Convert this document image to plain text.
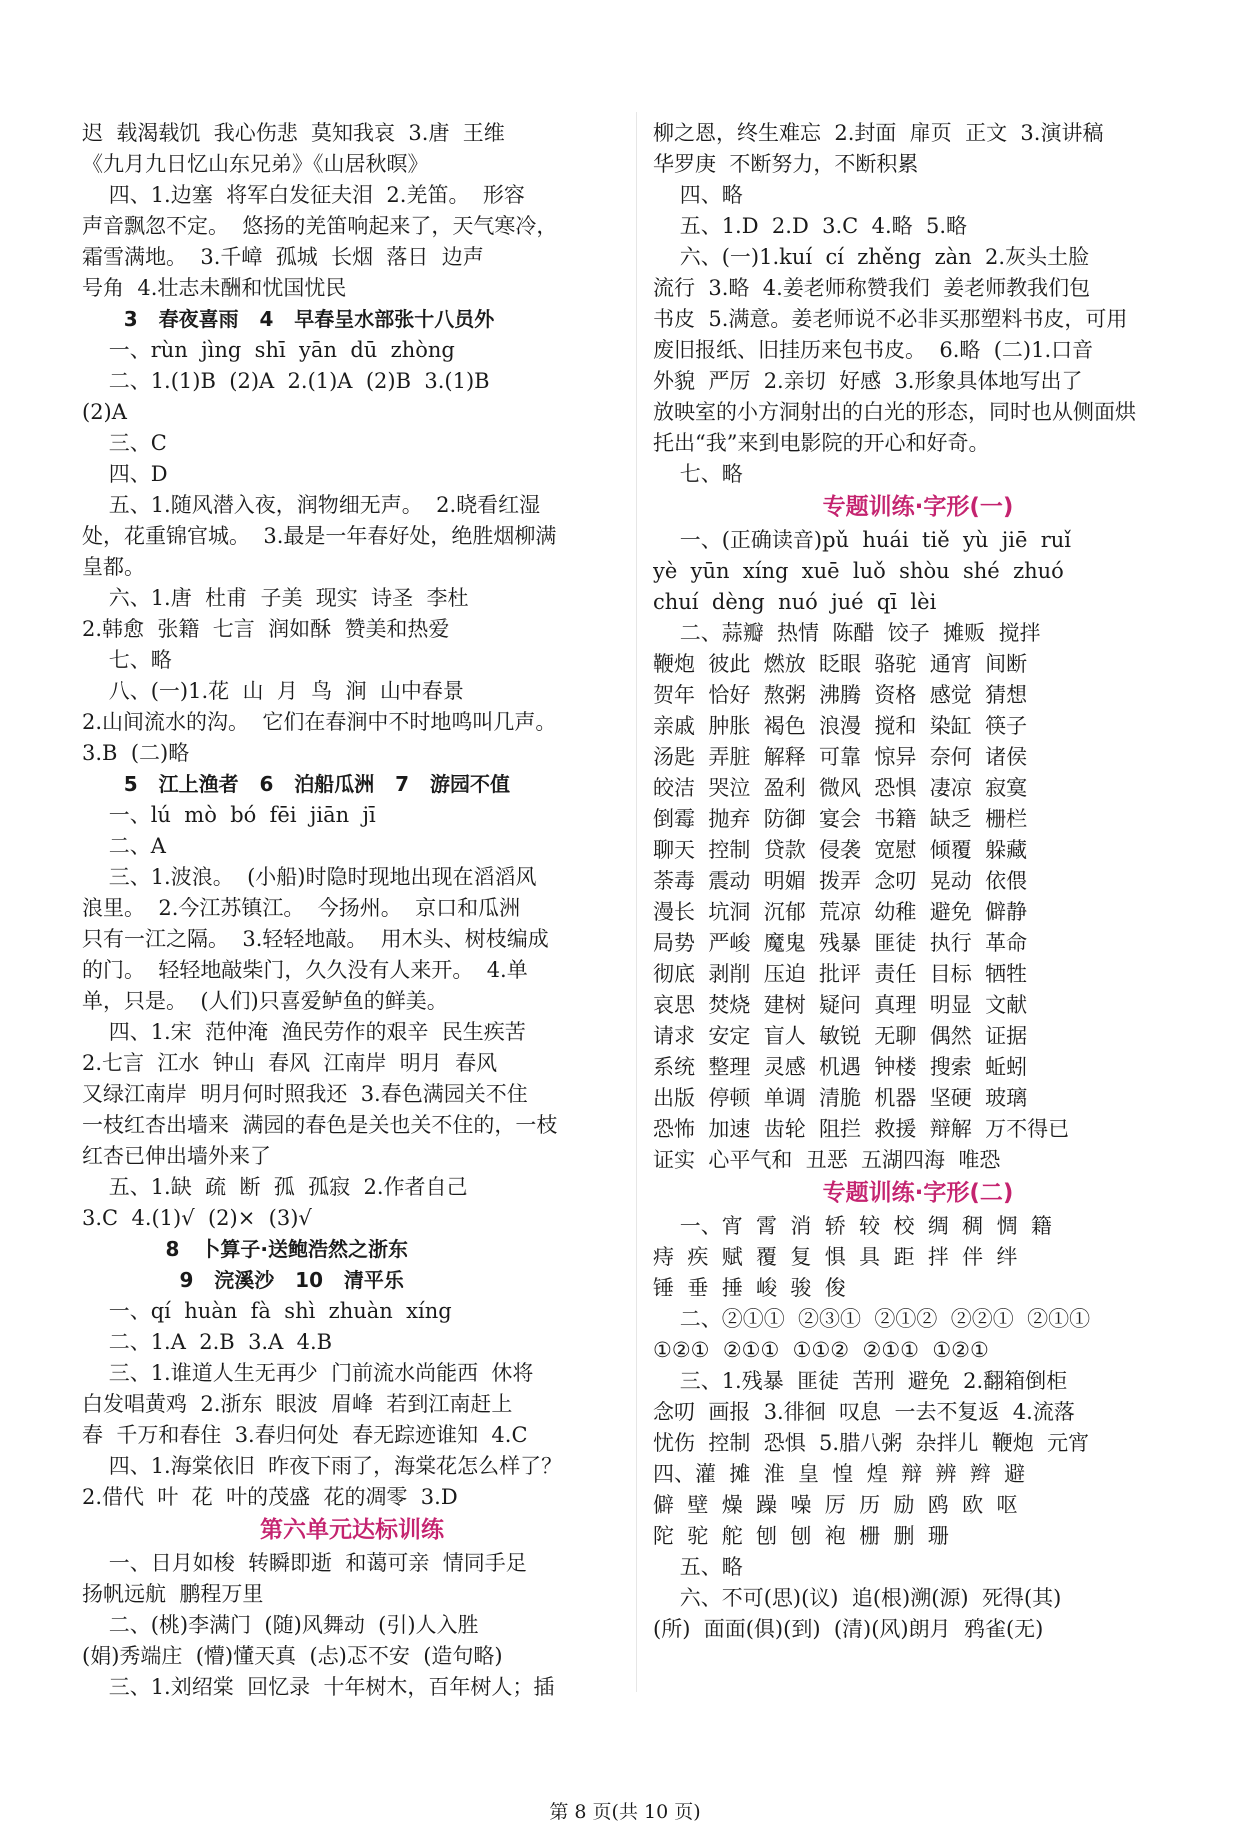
迟  载渴载饥  我心伤悲  莫知我哀  3.唐  王维
《九月九日忆山东兄弟》《山居秋暝》
四、1.边塞  将军白发征夫泪  2.羌笛。  形容
声音飘忽不定。  悠扬的羌笛响起来了，天气寒冷，
霜雪满地。  3.千嶂  孤城  长烟  落日  边声
号角  4.壮志未酬和忧国忧民
3   春夜喜雨   4   早春呈水部张十八员外
一、rùn  jìng  shī  yān  dū  zhòng
二、1.(1)B  (2)A  2.(1)A  (2)B  3.(1)B
(2)A
三、C
四、D
五、1.随风潜入夜，润物细无声。  2.晓看红湿
处，花重锦官城。  3.最是一年春好处，绝胜烟柳满
皇都。
六、1.唐  杜甫  子美  现实  诗圣  李杜
2.韩愈  张籍  七言  润如酥  赞美和热爱
七、略
八、(一)1.花  山  月  鸟  涧  山中春景
2.山间流水的沟。  它们在春涧中不时地鸣叫几声。
3.B  (二)略
5   江上渔者   6   泊船瓜洲   7   游园不值
一、lú  mò  bó  fēi  jiān  jī
二、A
三、1.波浪。  (小船)时隐时现地出现在滔滔风
浪里。  2.今江苏镇江。  今扬州。  京口和瓜洲
只有一江之隔。  3.轻轻地敲。  用木头、树枝编成
的门。  轻轻地敲柴门，久久没有人来开。  4.单
单，只是。  (人们)只喜爱鲈鱼的鲜美。
四、1.宋  范仲淹  渔民劳作的艰辛  民生疾苦
2.七言  江水  钟山  春风  江南岸  明月  春风
又绿江南岸  明月何时照我还  3.春色满园关不住
一枝红杏出墙来  满园的春色是关也关不住的，一枝
红杏已伸出墙外来了
五、1.缺  疏  断  孤  孤寂  2.作者自己
3.C  4.(1)√  (2)×  (3)√
8   卜算子·送鲍浩然之浙东
9   浣溪沙   10   清平乐
一、qí  huàn  fà  shì  zhuàn  xíng
二、1.A  2.B  3.A  4.B
三、1.谁道人生无再少  门前流水尚能西  休将
白发唱黄鸡  2.浙东  眼波  眉峰  若到江南赶上
春  千万和春住  3.春归何处  春无踪迹谁知  4.C
四、1.海棠依旧  昨夜下雨了，海棠花怎么样了？
2.借代  叶  花  叶的茂盛  花的凋零  3.D
第六单元达标训练
一、日月如梭  转瞬即逝  和蔼可亲  情同手足
扬帆远航  鹏程万里
二、(桃)李满门  (随)风舞动  (引)人入胜
(娟)秀端庄  (懵)懂天真  (忐)忑不安  (造句略)
三、1.刘绍棠  回忆录  十年树木，百年树人；插
柳之恩，终生难忘  2.封面  扉页  正文  3.演讲稿
华罗庚  不断努力，不断积累
四、略
五、1.D  2.D  3.C  4.略  5.略
六、(一)1.kuí  cí  zhěng  zàn  2.灰头土脸
流行  3.略  4.姜老师称赞我们  姜老师教我们包
书皮  5.满意。姜老师说不必非买那塑料书皮，可用
废旧报纸、旧挂历来包书皮。  6.略  (二)1.口音
外貌  严厉  2.亲切  好感  3.形象具体地写出了
放映室的小方洞射出的白光的形态，同时也从侧面烘
托出“我”来到电影院的开心和好奇。
七、略
专题训练·字形(一)
一、(正确读音)pǔ  huái  tiě  yù  jiē  ruǐ
yè  yūn  xíng  xuē  luǒ  shòu  shé  zhuó
chuí  dèng  nuó  jué  qī  lèi
二、蒜瓣  热情  陈醋  饺子  摊贩  搅拌
鞭炮  彼此  燃放  眨眼  骆驼  通宵  间断
贺年  恰好  熬粥  沸腾  资格  感觉  猜想
亲戚  肿胀  褐色  浪漫  搅和  染缸  筷子
汤匙  弄脏  解释  可靠  惊异  奈何  诸侯
皎洁  哭泣  盈利  微风  恐惧  凄凉  寂寞
倒霉  抛弃  防御  宴会  书籍  缺乏  栅栏
聊天  控制  贷款  侵袭  宽慰  倾覆  躲藏
荼毒  震动  明媚  拨弄  念叨  晃动  依偎
漫长  坑洞  沉郁  荒凉  幼稚  避免  僻静
局势  严峻  魔鬼  残暴  匪徒  执行  革命
彻底  剥削  压迫  批评  责任  目标  牺牲
哀思  焚烧  建树  疑问  真理  明显  文献
请求  安定  盲人  敏锐  无聊  偶然  证据
系统  整理  灵感  机遇  钟楼  搜索  蚯蚓
出版  停顿  单调  清脆  机器  坚硬  玻璃
恐怖  加速  齿轮  阻拦  救援  辩解  万不得已
证实  心平气和  丑恶  五湖四海  唯恐
专题训练·字形(二)
一、宵  霄  消  轿  较  校  绸  稠  惆  籍
痔  疾  赋  覆  复  惧  具  距  拌  伴  绊
锤  垂  捶  峻  骏  俊
二、②①①  ②③①  ②①②  ②②①  ②①①
①②①  ②①①  ①①②  ②①①  ①②①
三、1.残暴  匪徒  苦刑  避免  2.翻箱倒柜
念叨  画报  3.徘徊  叹息  一去不复返  4.流落
忧伤  控制  恐惧  5.腊八粥  杂拌儿  鞭炮  元宵
四、灌  摊  淮  皇  惶  煌  辩  辨  辫  避
僻  壁  燥  躁  噪  厉  历  励  鸥  欧  呕
陀  驼  舵  刨  刨  袍  栅  删  珊
五、略
六、不可(思)(议)  追(根)溯(源)  死得(其)
(所)  面面(俱)(到)  (清)(风)朗月  鸦雀(无)
第 8 页(共 10 页)
